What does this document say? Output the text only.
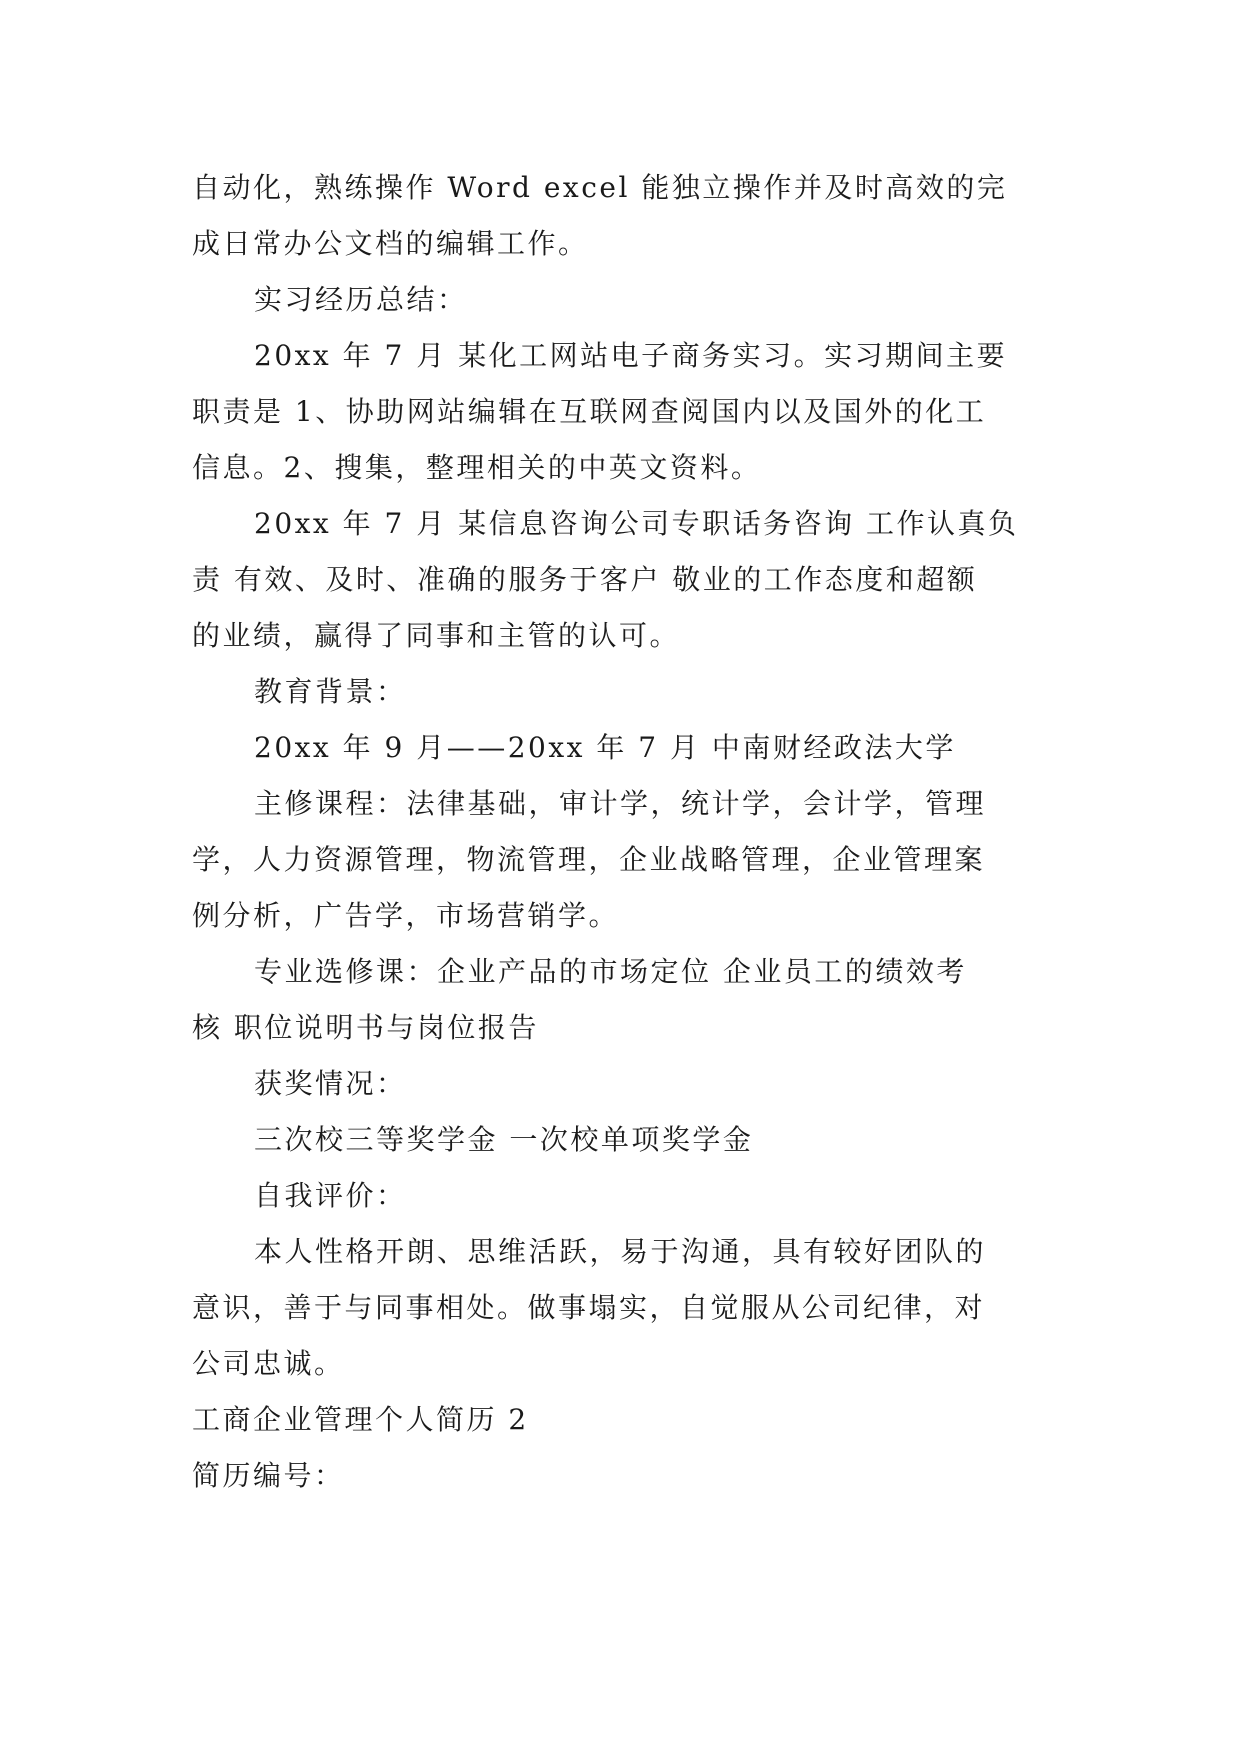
自动化，熟练操作 Word excel 能独立操作并及时高效的完

成日常办公文档的编辑工作。

实习经历总结：

20xx 年 7 月 某化工网站电子商务实习。实习期间主要

职责是 1、协助网站编辑在互联网查阅国内以及国外的化工

信息。2、搜集，整理相关的中英文资料。

20xx 年 7 月 某信息咨询公司专职话务咨询 工作认真负

责 有效、及时、准确的服务于客户 敬业的工作态度和超额

的业绩，赢得了同事和主管的认可。

教育背景：

20xx 年 9 月——20xx 年 7 月 中南财经政法大学

主修课程：法律基础，审计学，统计学，会计学，管理

学，人力资源管理，物流管理，企业战略管理，企业管理案

例分析，广告学，市场营销学。

专业选修课：企业产品的市场定位 企业员工的绩效考

核 职位说明书与岗位报告

获奖情况：

三次校三等奖学金 一次校单项奖学金

自我评价：

本人性格开朗、思维活跃，易于沟通，具有较好团队的

意识，善于与同事相处。做事塌实，自觉服从公司纪律，对

公司忠诚。

工商企业管理个人简历 2

简历编号：
